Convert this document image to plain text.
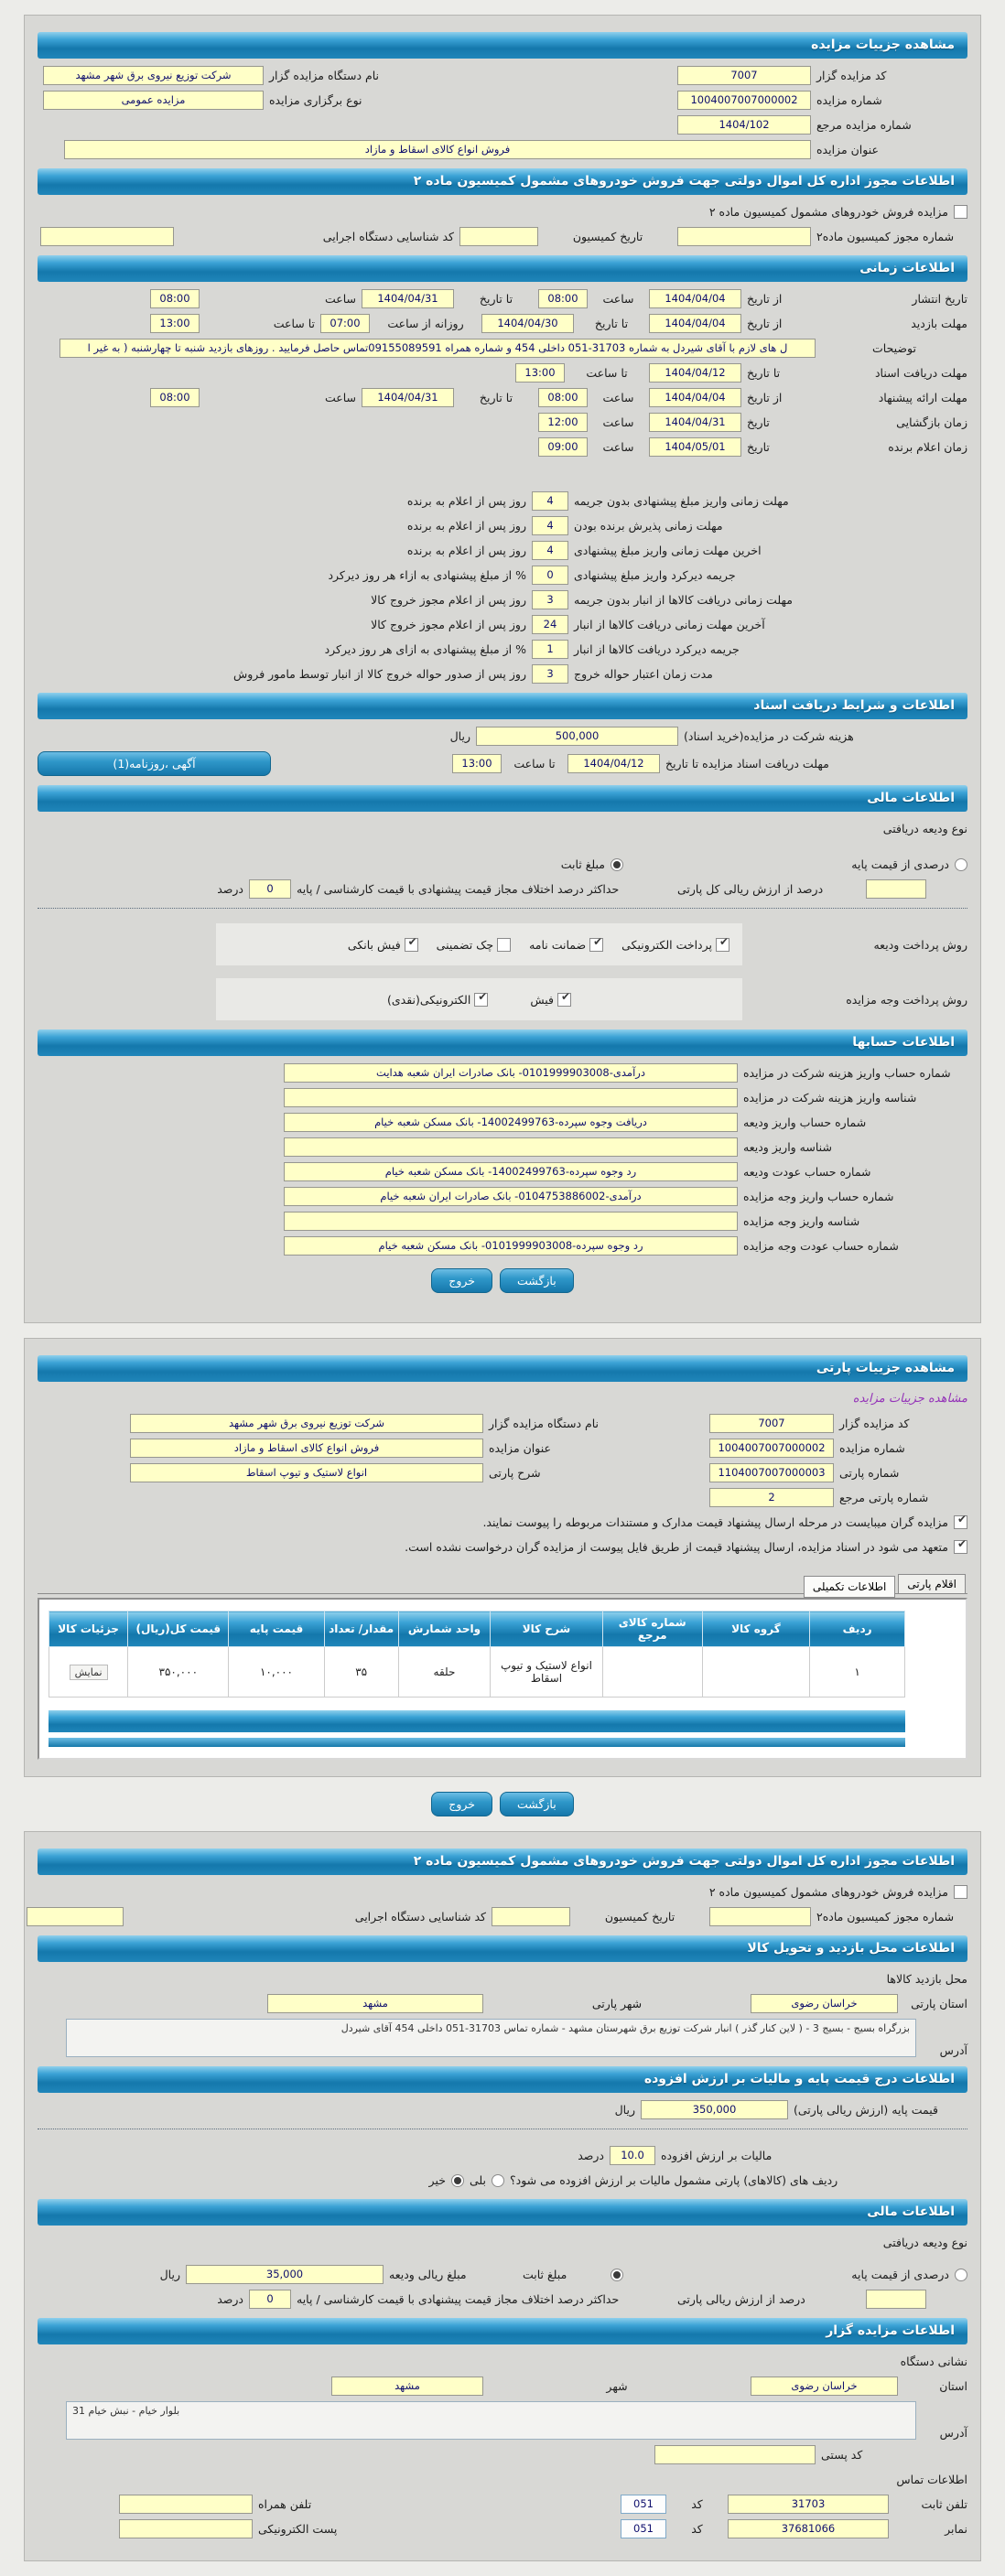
مشاهده جزییات مزایده
کد مزایده گزار
7007
نام دستگاه مزایده گزار
شرکت توزیع نیروی برق شهر مشهد
شماره مزایده
1004007007000002
نوع برگزاری مزایده
مزایده عمومی
شماره مزایده مرجع
1404/102
عنوان مزایده
فروش انواع کالای اسقاط و مازاد
اطلاعات مجوز اداره کل اموال دولتی جهت فروش خودروهای مشمول کمیسیون ماده ۲
مزایده فروش خودروهای مشمول کمیسیون ماده ۲
شماره مجوز کمیسیون ماده۲
تاریخ کمیسیون
کد شناسایی دستگاه اجرایی
اطلاعات زمانی
تاریخ انتشار
از تاریخ
1404/04/04
ساعت
08:00
تا تاریخ
1404/04/31
ساعت
08:00
مهلت بازدید
از تاریخ
1404/04/04
تا تاریخ
1404/04/30
روزانه از ساعت
07:00
تا ساعت
13:00
توضیحات
ل های لازم با آقای شیردل به شماره 31703-051 داخلی 454 و شماره همراه 09155089591تماس حاصل فرمایید . روزهای بازدید شنبه تا چهارشنبه ( به غیر ا
مهلت دریافت اسناد
تا تاریخ
1404/04/12
تا ساعت
13:00
مهلت ارائه پیشنهاد
از تاریخ
1404/04/04
ساعت
08:00
تا تاریخ
1404/04/31
ساعت
08:00
زمان بازگشایی
تاریخ
1404/04/31
ساعت
12:00
زمان اعلام برنده
تاریخ
1404/05/01
ساعت
09:00
مهلت زمانی واریز مبلغ پیشنهادی بدون جریمه
4
روز پس از اعلام به برنده
مهلت زمانی پذیرش برنده بودن
4
روز پس از اعلام به برنده
اخرین مهلت زمانی واریز مبلغ پیشنهادی
4
روز پس از اعلام به برنده
جریمه دیرکرد واریز مبلغ پیشنهادی
0
% از مبلغ پیشنهادی به ازاء هر روز دیرکرد
مهلت زمانی دریافت کالاها از انبار بدون جریمه
3
روز پس از اعلام مجوز خروج کالا
آخرین مهلت زمانی دریافت کالاها از انبار
24
روز پس از اعلام مجوز خروج کالا
جریمه دیرکرد دریافت کالاها از انبار
1
% از مبلغ پیشنهادی به ازای هر روز دیرکرد
مدت زمان اعتبار حواله خروج
3
روز پس از صدور حواله خروج کالا از انبار توسط مامور فروش
اطلاعات و شرایط دریافت اسناد
هزینه شرکت در مزایده(خرید اسناد)
500,000
ریال
مهلت دریافت اسناد مزایده تا تاریخ
1404/04/12
تا ساعت
13:00
آگهی ،روزنامه(1)
اطلاعات مالی
نوع ودیعه دریافتی
درصدی از قیمت پایه
مبلغ ثابت
درصد از ارزش ریالی کل پارتی
حداکثر درصد اختلاف مجاز قیمت پیشنهادی با قیمت کارشناسی / پایه
0
درصد
روش پرداخت ودیعه
✔
پرداخت الکترونیکی
✔
ضمانت نامه
چک تضمینی
✔
فیش بانکی
روش پرداخت وجه مزایده
✔
فیش
✔
الکترونیکی(نقدی)
اطلاعات حسابها
شماره حساب واریز هزینه شرکت در مزایده
درآمدی-0101999903008- بانک صادرات ایران شعبه هدایت
شناسه واریز هزینه شرکت در مزایده
شماره حساب واریز ودیعه
دریافت وجوه سپرده-14002499763- بانک مسکن شعبه خیام
شناسه واریز ودیعه
شماره حساب عودت ودیعه
رد وجوه سپرده-14002499763- بانک مسکن شعبه خیام
شماره حساب واریز وجه مزایده
درآمدی-0104753886002- بانک صادرات ایران شعبه خیام
شناسه واریز وجه مزایده
شماره حساب عودت وجه مزایده
رد وجوه سپرده-0101999903008- بانک مسکن شعبه خیام
بازگشت
خروج
مشاهده جزییات پارتی
مشاهده جزییات مزایده
کد مزایده گزار
7007
نام دستگاه مزایده گزار
شرکت توزیع نیروی برق شهر مشهد
شماره مزایده
1004007007000002
عنوان مزایده
فروش انواع کالای اسقاط و مازاد
شماره پارتی
1104007007000003
شرح پارتی
انواع لاستیک و تیوپ اسقاط
شماره پارتی مرجع
2
✔
مزایده گران میبایست در مرحله ارسال پیشنهاد قیمت مدارک و مستندات مربوطه را پیوست نمایند.
✔
متعهد می شود در اسناد مزایده، ارسال پیشنهاد قیمت از طریق فایل پیوست از مزایده گران درخواست نشده است.
اقلام پارتی
اطلاعات تکمیلی
ردیف	گروه کالا	شماره کالای مرجع	شرح کالا	واحد شمارش	مقدار/ تعداد	قیمت پایه	قیمت کل(ریال)	جزئیات کالا
۱			انواع لاستیک و تیوپ اسقاط	حلقه	۳۵	۱۰,۰۰۰	۳۵۰,۰۰۰	نمایش
بازگشت
خروج
اطلاعات مجوز اداره کل اموال دولتی جهت فروش خودروهای مشمول کمیسیون ماده ۲
مزایده فروش خودروهای مشمول کمیسیون ماده ۲
شماره مجوز کمیسیون ماده۲
تاریخ کمیسیون
کد شناسایی دستگاه اجرایی
اطلاعات محل بازدید و تحویل کالا
محل بازدید کالاها
استان پارتی
خراسان رضوی
شهر پارتی
مشهد
آدرس
بزرگراه بسیج - بسیج 3 - ( لاین کنار گذر ) انبار شرکت توزیع برق شهرستان مشهد - شماره تماس 31703-051 داخلی 454 آقای شیردل
اطلاعات درج قیمت پایه و مالیات بر ارزش افزوده
قیمت پایه (ارزش ریالی پارتی)
350,000
ریال
مالیات بر ارزش افزوده
10.0
درصد
ردیف های (کالاهای) پارتی مشمول مالیات بر ارزش افزوده می شود؟
بلی
خیر
اطلاعات مالی
نوع ودیعه دریافتی
درصدی از قیمت پایه
مبلغ ثابت
مبلغ ریالی ودیعه
35,000
ریال
درصد از ارزش ریالی پارتی
حداکثر درصد اختلاف مجاز قیمت پیشنهادی با قیمت کارشناسی / پایه
0
درصد
اطلاعات مزایده گزار
نشانی دستگاه
استان
خراسان رضوی
شهر
مشهد
آدرس
بلوار خیام - نبش خیام 31
کد پستی
اطلاعات تماس
تلفن ثابت
31703
کد
051
تلفن همراه
نمابر
37681066
کد
051
پست الکترونیکی
